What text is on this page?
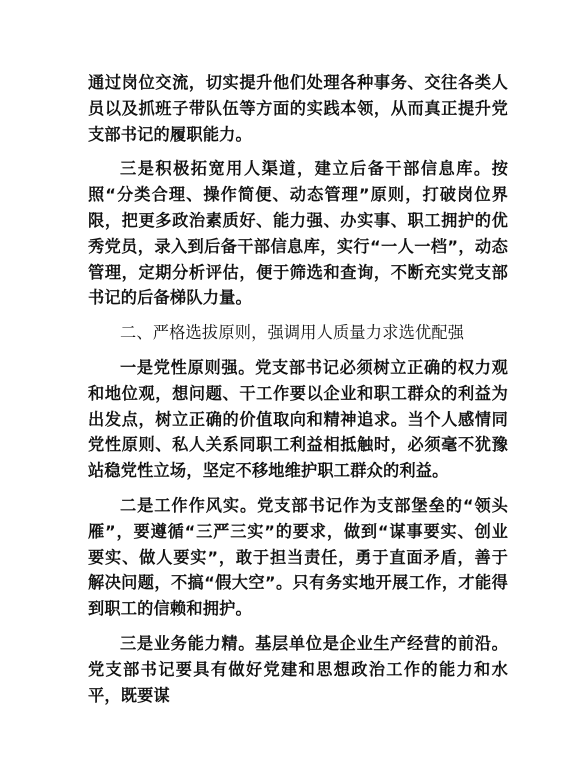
通过岗位交流，切实提升他们处理各种事务、交往各类人员以及抓班子带队伍等方面的实践本领，从而真正提升党支部书记的履职能力。

三是积极拓宽用人渠道，建立后备干部信息库。按照“分类合理、操作简便、动态管理”原则，打破岗位界限，把更多政治素质好、能力强、办实事、职工拥护的优秀党员，录入到后备干部信息库，实行“一人一档”，动态管理，定期分析评估，便于筛选和查询，不断充实党支部书记的后备梯队力量。

二、严格选拔原则，强调用人质量力求选优配强

一是党性原则强。党支部书记必须树立正确的权力观和地位观，想问题、干工作要以企业和职工群众的利益为出发点，树立正确的价值取向和精神追求。当个人感情同党性原则、私人关系同职工利益相抵触时，必须毫不犹豫站稳党性立场，坚定不移地维护职工群众的利益。

二是工作作风实。党支部书记作为支部堡垒的“领头雁”，要遵循“三严三实”的要求，做到“谋事要实、创业要实、做人要实”，敢于担当责任，勇于直面矛盾，善于解决问题，不搞“假大空”。只有务实地开展工作，才能得到职工的信赖和拥护。

三是业务能力精。基层单位是企业生产经营的前沿。党支部书记要具有做好党建和思想政治工作的能力和水平，既要谋
